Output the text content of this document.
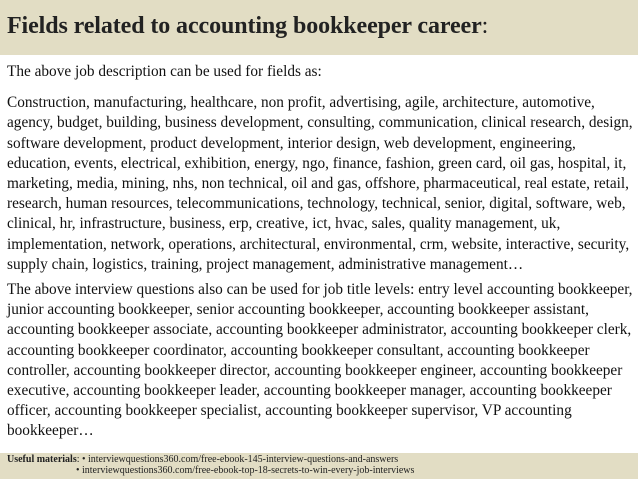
Fields related to accounting bookkeeper career:

The above job description can be used for fields as:

Construction, manufacturing, healthcare, non profit, advertising, agile, architecture, automotive, agency, budget, building, business development, consulting, communication, clinical research, design, software development, product development, interior design, web development, engineering, education, events, electrical, exhibition, energy, ngo, finance, fashion, green card, oil gas, hospital, it, marketing, media, mining, nhs, non technical, oil and gas, offshore, pharmaceutical, real estate, retail, research, human resources, telecommunications, technology, technical, senior, digital, software, web, clinical, hr, infrastructure, business, erp, creative, ict, hvac, sales, quality management, uk, implementation, network, operations, architectural, environmental, crm, website, interactive, security, supply chain, logistics, training, project management, administrative management…

The above interview questions also can be used for job title levels: entry level accounting bookkeeper, junior accounting bookkeeper, senior accounting bookkeeper, accounting bookkeeper assistant, accounting bookkeeper associate, accounting bookkeeper administrator, accounting bookkeeper clerk, accounting bookkeeper coordinator, accounting bookkeeper consultant, accounting bookkeeper controller, accounting bookkeeper director, accounting bookkeeper engineer, accounting bookkeeper executive, accounting bookkeeper leader, accounting bookkeeper manager, accounting bookkeeper officer, accounting bookkeeper specialist, accounting bookkeeper supervisor, VP accounting bookkeeper…

Useful materials: • interviewquestions360.com/free-ebook-145-interview-questions-and-answers
• interviewquestions360.com/free-ebook-top-18-secrets-to-win-every-job-interviews
